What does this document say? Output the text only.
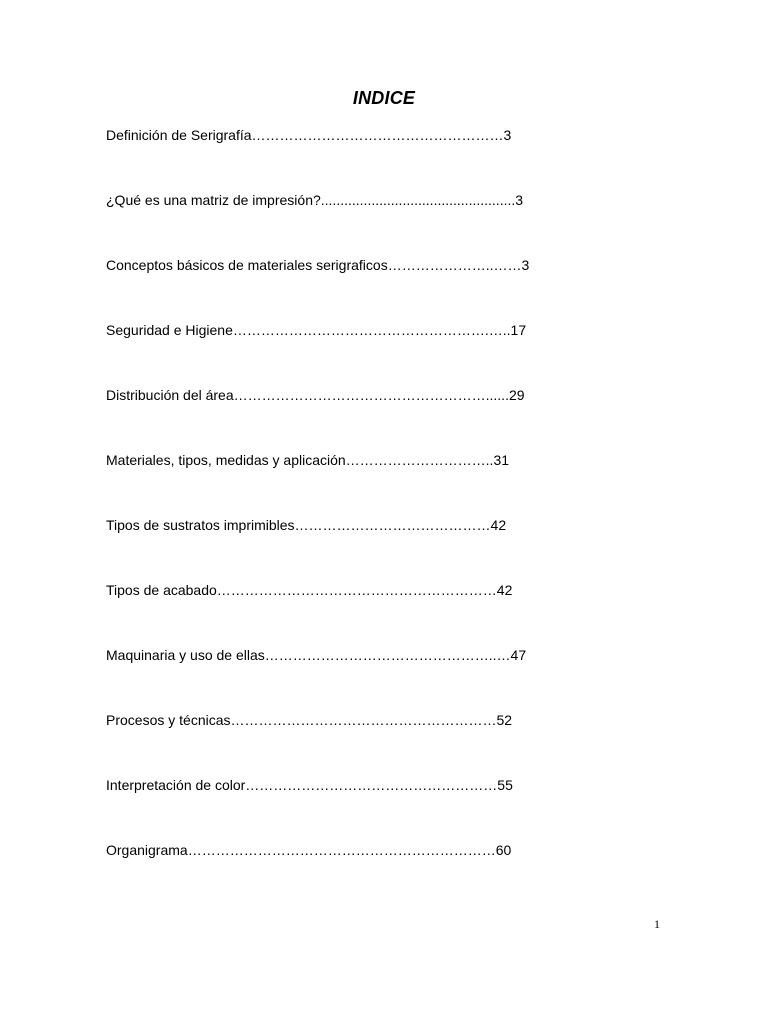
INDICE
Definición de Serigrafía………………………………………………3
¿Qué es una matriz de impresión?..................................................3
Conceptos básicos de materiales serigraficos…………………..……3
Seguridad e Higiene……………………………………………….…..17
Distribución del área………………………………………………......29
Materiales, tipos, medidas y aplicación…………………………..31
Tipos de sustratos imprimibles……………………………………42
Tipos de acabado……………………………………………………42
Maquinaria y uso de ellas…………………………………………..…47
Procesos y técnicas…………………………………………………52
Interpretación de color………………………………………………55
Organigrama…………………………………………………………60
1
